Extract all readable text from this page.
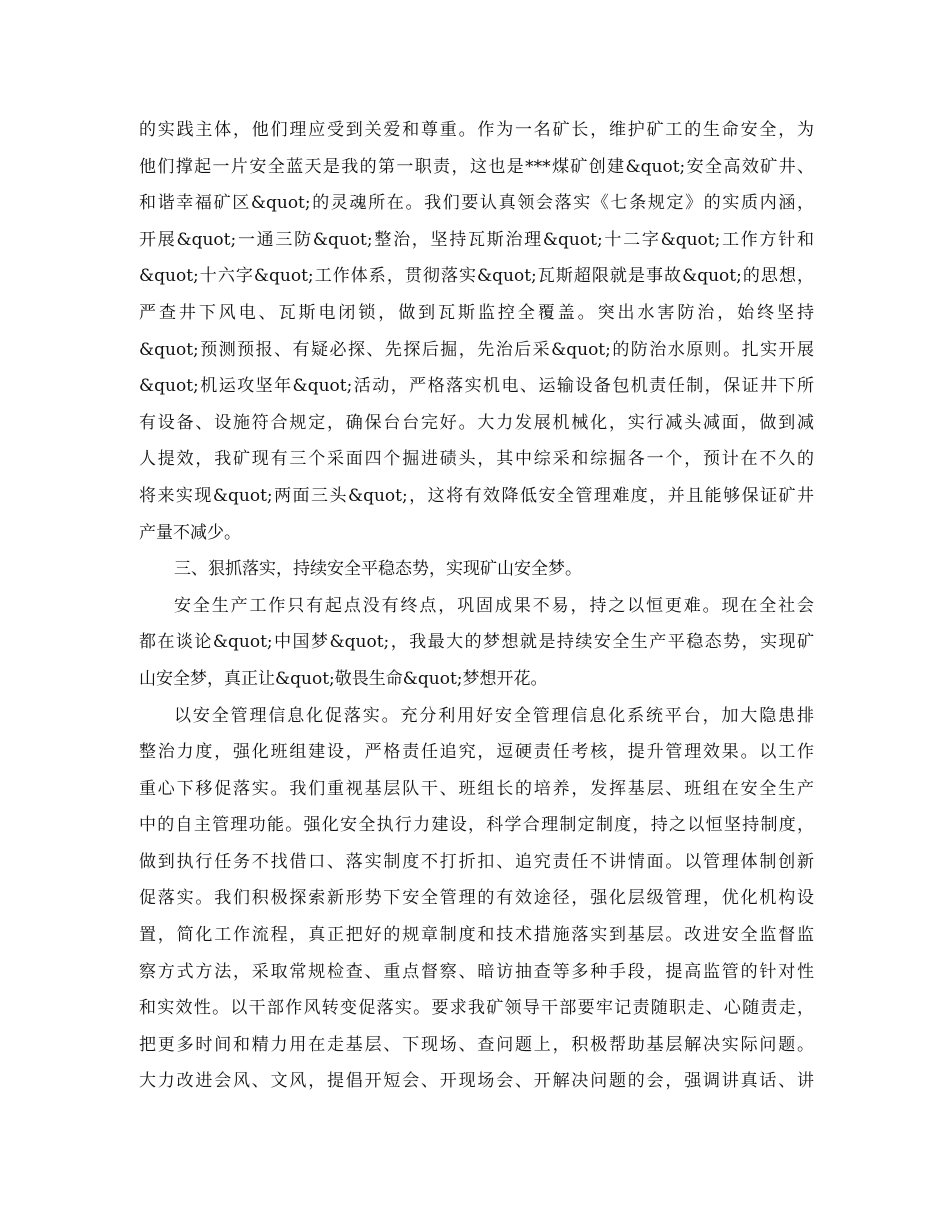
的实践主体，他们理应受到关爱和尊重。作为一名矿长，维护矿工的生命安全，为
他们撑起一片安全蓝天是我的第一职责，这也是***煤矿创建&quot;安全高效矿井、
和谐幸福矿区&quot;的灵魂所在。我们要认真领会落实《七条规定》的实质内涵，
开展&quot;一通三防&quot;整治，坚持瓦斯治理&quot;十二字&quot;工作方针和
&quot;十六字&quot;工作体系，贯彻落实&quot;瓦斯超限就是事故&quot;的思想，
严查井下风电、瓦斯电闭锁，做到瓦斯监控全覆盖。突出水害防治，始终坚持
&quot;预测预报、有疑必探、先探后掘，先治后采&quot;的防治水原则。扎实开展
&quot;机运攻坚年&quot;活动，严格落实机电、运输设备包机责任制，保证井下所
有设备、设施符合规定，确保台台完好。大力发展机械化，实行减头减面，做到减
人提效，我矿现有三个采面四个掘进碛头，其中综采和综掘各一个，预计在不久的
将来实现&quot;两面三头&quot;，这将有效降低安全管理难度，并且能够保证矿井
产量不减少。
三、狠抓落实，持续安全平稳态势，实现矿山安全梦。
安全生产工作只有起点没有终点，巩固成果不易，持之以恒更难。现在全社会
都在谈论&quot;中国梦&quot;，我最大的梦想就是持续安全生产平稳态势，实现矿
山安全梦，真正让&quot;敬畏生命&quot;梦想开花。
以安全管理信息化促落实。充分利用好安全管理信息化系统平台，加大隐患排
整治力度，强化班组建设，严格责任追究，逗硬责任考核，提升管理效果。以工作
重心下移促落实。我们重视基层队干、班组长的培养，发挥基层、班组在安全生产
中的自主管理功能。强化安全执行力建设，科学合理制定制度，持之以恒坚持制度，
做到执行任务不找借口、落实制度不打折扣、追究责任不讲情面。以管理体制创新
促落实。我们积极探索新形势下安全管理的有效途径，强化层级管理，优化机构设
置，简化工作流程，真正把好的规章制度和技术措施落实到基层。改进安全监督监
察方式方法，采取常规检查、重点督察、暗访抽查等多种手段，提高监管的针对性
和实效性。以干部作风转变促落实。要求我矿领导干部要牢记责随职走、心随责走，
把更多时间和精力用在走基层、下现场、查问题上，积极帮助基层解决实际问题。
大力改进会风、文风，提倡开短会、开现场会、开解决问题的会，强调讲真话、讲
